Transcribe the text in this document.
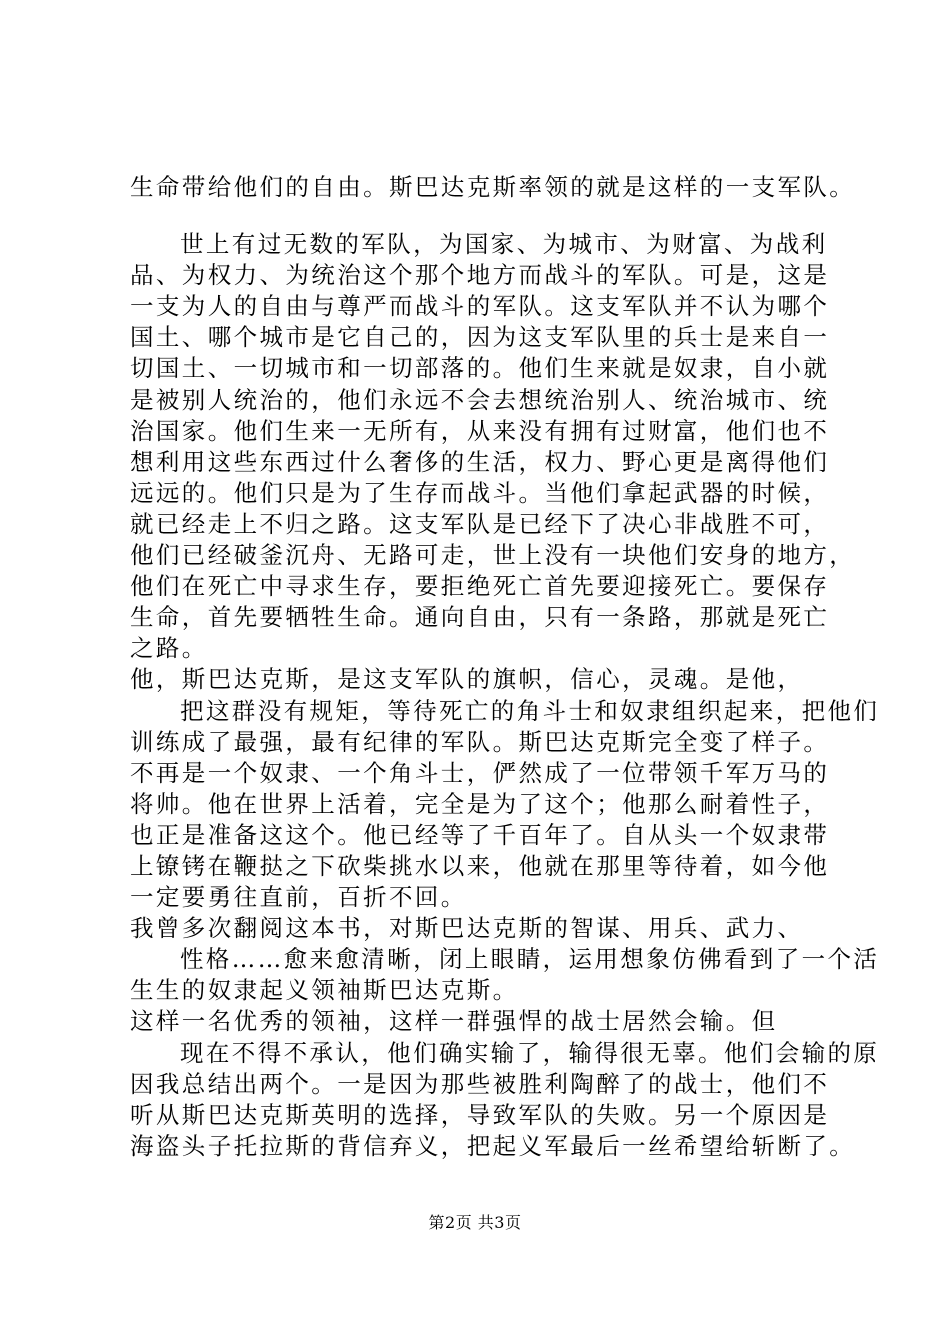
生命带给他们的自由。斯巴达克斯率领的就是这样的一支军队。
世上有过无数的军队，为国家、为城市、为财富、为战利
品、为权力、为统治这个那个地方而战斗的军队。可是，这是
一支为人的自由与尊严而战斗的军队。这支军队并不认为哪个
国土、哪个城市是它自己的，因为这支军队里的兵士是来自一
切国土、一切城市和一切部落的。他们生来就是奴隶，自小就
是被别人统治的，他们永远不会去想统治别人、统治城市、统
治国家。他们生来一无所有，从来没有拥有过财富，他们也不
想利用这些东西过什么奢侈的生活，权力、野心更是离得他们
远远的。他们只是为了生存而战斗。当他们拿起武器的时候，
就已经走上不归之路。这支军队是已经下了决心非战胜不可，
他们已经破釜沉舟、无路可走，世上没有一块他们安身的地方，
他们在死亡中寻求生存，要拒绝死亡首先要迎接死亡。要保存
生命，首先要牺牲生命。通向自由，只有一条路，那就是死亡
之路。
他，斯巴达克斯，是这支军队的旗帜，信心，灵魂。是他，
把这群没有规矩，等待死亡的角斗士和奴隶组织起来，把他们
训练成了最强，最有纪律的军队。斯巴达克斯完全变了样子。
不再是一个奴隶、一个角斗士，俨然成了一位带领千军万马的
将帅。他在世界上活着，完全是为了这个；他那么耐着性子，
也正是准备这这个。他已经等了千百年了。自从头一个奴隶带
上镣铐在鞭挞之下砍柴挑水以来，他就在那里等待着，如今他
一定要勇往直前，百折不回。
我曾多次翻阅这本书，对斯巴达克斯的智谋、用兵、武力、
性格……愈来愈清晰，闭上眼睛，运用想象仿佛看到了一个活
生生的奴隶起义领袖斯巴达克斯。
这样一名优秀的领袖，这样一群强悍的战士居然会输。但
现在不得不承认，他们确实输了，输得很无辜。他们会输的原
因我总结出两个。一是因为那些被胜利陶醉了的战士，他们不
听从斯巴达克斯英明的选择，导致军队的失败。另一个原因是
海盗头子托拉斯的背信弃义，把起义军最后一丝希望给斩断了。
第2页 共3页
